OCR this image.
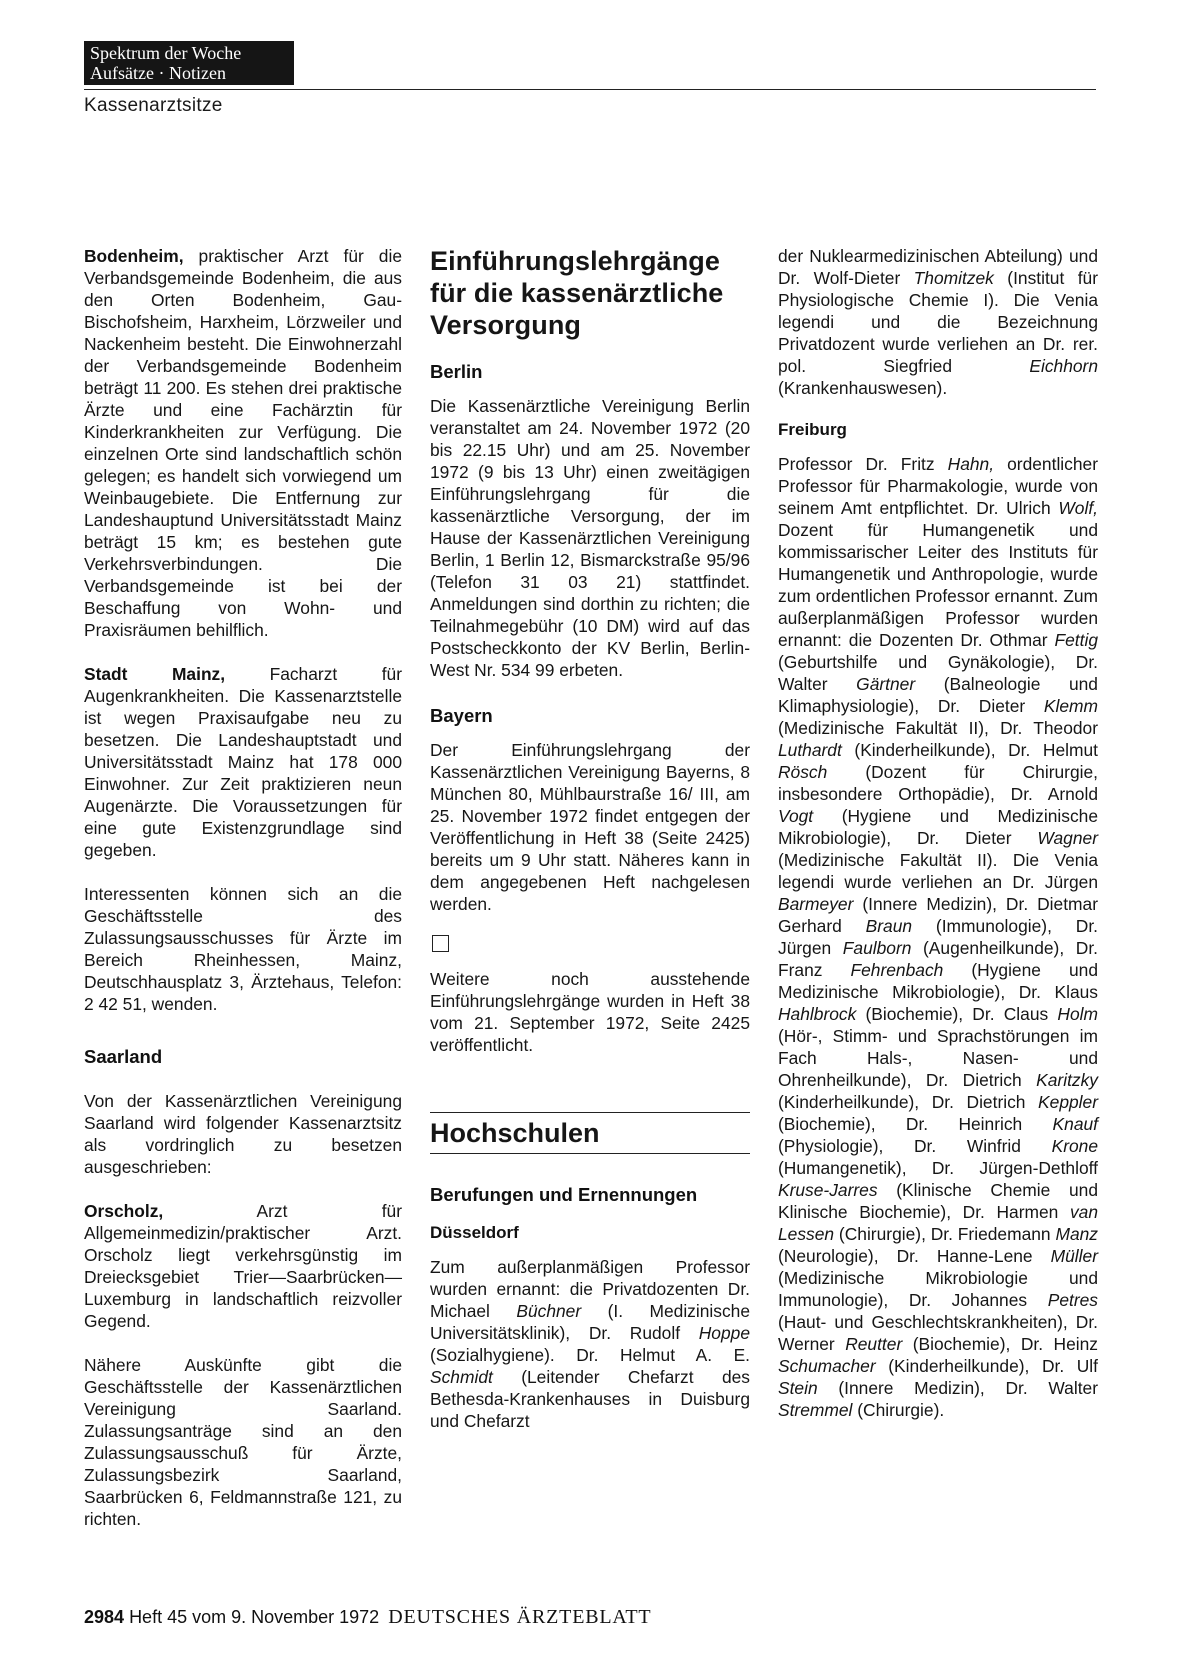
Spektrum der Woche
Aufsätze · Notizen
Kassenarztsitze

Bodenheim, praktischer Arzt für die Verbandsgemeinde Bodenheim, die aus den Orten Bodenheim, Gau-Bischofsheim, Harxheim, Lörzweiler und Nackenheim besteht. Die Einwohnerzahl der Verbandsgemeinde Bodenheim beträgt 11 200. Es stehen drei praktische Ärzte und eine Fachärztin für Kinderkrankheiten zur Verfügung. Die einzelnen Orte sind landschaftlich schön gelegen; es handelt sich vorwiegend um Weinbaugebiete. Die Entfernung zur Landeshauptund Universitätsstadt Mainz beträgt 15 km; es bestehen gute Verkehrsverbindungen. Die Verbandsgemeinde ist bei der Beschaffung von Wohn- und Praxisräumen behilflich.

Stadt Mainz, Facharzt für Augenkrankheiten. Die Kassenarztstelle ist wegen Praxisaufgabe neu zu besetzen. Die Landeshauptstadt und Universitätsstadt Mainz hat 178 000 Einwohner. Zur Zeit praktizieren neun Augenärzte. Die Voraussetzungen für eine gute Existenzgrundlage sind gegeben.

Interessenten können sich an die Geschäftsstelle des Zulassungsausschusses für Ärzte im Bereich Rheinhessen, Mainz, Deutschhausplatz 3, Ärztehaus, Telefon: 2 42 51, wenden.

Saarland

Von der Kassenärztlichen Vereinigung Saarland wird folgender Kassenarztsitz als vordringlich zu besetzen ausgeschrieben:

Orscholz, Arzt für Allgemeinmedizin/praktischer Arzt. Orscholz liegt verkehrsgünstig im Dreiecksgebiet Trier—Saarbrücken—Luxemburg in landschaftlich reizvoller Gegend.

Nähere Auskünfte gibt die Geschäftsstelle der Kassenärztlichen Vereinigung Saarland. Zulassungsanträge sind an den Zulassungsausschuß für Ärzte, Zulassungsbezirk Saarland, Saarbrücken 6, Feldmannstraße 121, zu richten.

Einführungslehrgänge für die kassenärztliche Versorgung
Berlin

Die Kassenärztliche Vereinigung Berlin veranstaltet am 24. November 1972 (20 bis 22.15 Uhr) und am 25. November 1972 (9 bis 13 Uhr) einen zweitägigen Einführungslehrgang für die kassenärztliche Versorgung, der im Hause der Kassenärztlichen Vereinigung Berlin, 1 Berlin 12, Bismarckstraße 95/96 (Telefon 31 03 21) stattfindet. Anmeldungen sind dorthin zu richten; die Teilnahmegebühr (10 DM) wird auf das Postscheckkonto der KV Berlin, Berlin-West Nr. 534 99 erbeten.

Bayern

Der Einführungslehrgang der Kassenärztlichen Vereinigung Bayerns, 8 München 80, Mühlbaurstraße 16/ III, am 25. November 1972 findet entgegen der Veröffentlichung in Heft 38 (Seite 2425) bereits um 9 Uhr statt. Näheres kann in dem angegebenen Heft nachgelesen werden.

Weitere noch ausstehende Einführungslehrgänge wurden in Heft 38 vom 21. September 1972, Seite 2425 veröffentlicht.

Hochschulen
Berufungen und Ernennungen
Düsseldorf

Zum außerplanmäßigen Professor wurden ernannt: die Privatdozenten Dr. Michael Büchner (I. Medizinische Universitätsklinik), Dr. Rudolf Hoppe (Sozialhygiene). Dr. Helmut A. E. Schmidt (Leitender Chefarzt des Bethesda-Krankenhauses in Duisburg und Chefarzt

der Nuklearmedizinischen Abteilung) und Dr. Wolf-Dieter Thomitzek (Institut für Physiologische Chemie I). Die Venia legendi und die Bezeichnung Privatdozent wurde verliehen an Dr. rer. pol. Siegfried Eichhorn (Krankenhauswesen).

Freiburg

Professor Dr. Fritz Hahn, ordentlicher Professor für Pharmakologie, wurde von seinem Amt entpflichtet. Dr. Ulrich Wolf, Dozent für Humangenetik und kommissarischer Leiter des Instituts für Humangenetik und Anthropologie, wurde zum ordentlichen Professor ernannt. Zum außerplanmäßigen Professor wurden ernannt: die Dozenten Dr. Othmar Fettig (Geburtshilfe und Gynäkologie), Dr. Walter Gärtner (Balneologie und Klimaphysiologie), Dr. Dieter Klemm (Medizinische Fakultät II), Dr. Theodor Luthardt (Kinderheilkunde), Dr. Helmut Rösch (Dozent für Chirurgie, insbesondere Orthopädie), Dr. Arnold Vogt (Hygiene und Medizinische Mikrobiologie), Dr. Dieter Wagner (Medizinische Fakultät II). Die Venia legendi wurde verliehen an Dr. Jürgen Barmeyer (Innere Medizin), Dr. Dietmar Gerhard Braun (Immunologie), Dr. Jürgen Faulborn (Augenheilkunde), Dr. Franz Fehrenbach (Hygiene und Medizinische Mikrobiologie), Dr. Klaus Hahlbrock (Biochemie), Dr. Claus Holm (Hör-, Stimm- und Sprachstörungen im Fach Hals-, Nasen- und Ohrenheilkunde), Dr. Dietrich Karitzky (Kinderheilkunde), Dr. Dietrich Keppler (Biochemie), Dr. Heinrich Knauf (Physiologie), Dr. Winfrid Krone (Humangenetik), Dr. Jürgen-Dethloff Kruse-Jarres (Klinische Chemie und Klinische Biochemie), Dr. Harmen van Lessen (Chirurgie), Dr. Friedemann Manz (Neurologie), Dr. Hanne-Lene Müller (Medizinische Mikrobiologie und Immunologie), Dr. Johannes Petres (Haut- und Geschlechtskrankheiten), Dr. Werner Reutter (Biochemie), Dr. Heinz Schumacher (Kinderheilkunde), Dr. Ulf Stein (Innere Medizin), Dr. Walter Stremmel (Chirurgie).

2984 Heft 45 vom 9. November 1972 DEUTSCHES ÄRZTEBLATT
